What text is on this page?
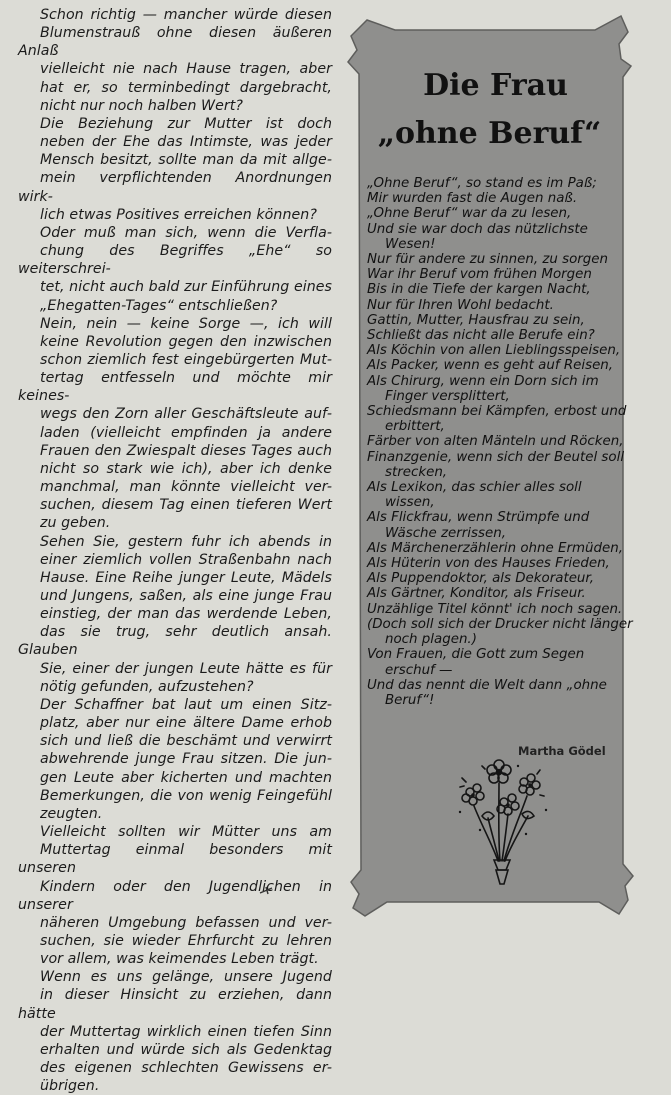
Schon richtig — mancher würde diesen
Blumenstrauß ohne diesen äußeren Anlaß
vielleicht nie nach Hause tragen, aber
hat er, so terminbedingt dargebracht,
nicht nur noch halben Wert?

Die Beziehung zur Mutter ist doch
neben der Ehe das Intimste, was jeder
Mensch besitzt, sollte man da mit allge-
mein verpflichtenden Anordnungen wirk-
lich etwas Positives erreichen können?

Oder muß man sich, wenn die Verfla-
chung des Begriffes „Ehe“ so weiterschrei-
tet, nicht auch bald zur Einführung eines
„Ehegatten-Tages“ entschließen?

Nein, nein — keine Sorge —, ich will
keine Revolution gegen den inzwischen
schon ziemlich fest eingebürgerten Mut-
tertag entfesseln und möchte mir keines-
wegs den Zorn aller Geschäftsleute auf-
laden (vielleicht empfinden ja andere
Frauen den Zwiespalt dieses Tages auch
nicht so stark wie ich), aber ich denke
manchmal, man könnte vielleicht ver-
suchen, diesem Tag einen tieferen Wert
zu geben.

Sehen Sie, gestern fuhr ich abends in
einer ziemlich vollen Straßenbahn nach
Hause. Eine Reihe junger Leute, Mädels
und Jungens, saßen, als eine junge Frau
einstieg, der man das werdende Leben,
das sie trug, sehr deutlich ansah. Glauben
Sie, einer der jungen Leute hätte es für
nötig gefunden, aufzustehen?

Der Schaffner bat laut um einen Sitz-
platz, aber nur eine ältere Dame erhob
sich und ließ die beschämt und verwirrt
abwehrende junge Frau sitzen. Die jun-
gen Leute aber kicherten und machten
Bemerkungen, die von wenig Feingefühl
zeugten.

Vielleicht sollten wir Mütter uns am
Muttertag einmal besonders mit unseren
Kindern oder den Jugendlichen in unserer
näheren Umgebung befassen und ver-
suchen, sie wieder Ehrfurcht zu lehren
vor allem, was keimendes Leben trägt.

Wenn es uns gelänge, unsere Jugend
in dieser Hinsicht zu erziehen, dann hätte
der Muttertag wirklich einen tiefen Sinn
erhalten und würde sich als Gedenktag
des eigenen schlechten Gewissens er-
übrigen.

Die Frau
„ohne Beruf“
„Ohne Beruf“, so stand es im Paß;
Mir wurden fast die Augen naß.
„Ohne Beruf“ war da zu lesen,
Und sie war doch das nützlichste
Wesen!
Nur für andere zu sinnen, zu sorgen
War ihr Beruf vom frühen Morgen
Bis in die Tiefe der kargen Nacht,
Nur für Ihren Wohl bedacht.
Gattin, Mutter, Hausfrau zu sein,
Schließt das nicht alle Berufe ein?
Als Köchin von allen Lieblingsspeisen,
Als Packer, wenn es geht auf Reisen,
Als Chirurg, wenn ein Dorn sich im
Finger versplittert,
Schiedsmann bei Kämpfen, erbost und
erbittert,
Färber von alten Mänteln und Röcken,
Finanzgenie, wenn sich der Beutel soll
strecken,
Als Lexikon, das schier alles soll
wissen,
Als Flickfrau, wenn Strümpfe und
Wäsche zerrissen,
Als Märchenerzählerin ohne Ermüden,
Als Hüterin von des Hauses Frieden,
Als Puppendoktor, als Dekorateur,
Als Gärtner, Konditor, als Friseur.
Unzählige Titel könnt' ich noch sagen.
(Doch soll sich der Drucker nicht länger
noch plagen.)
Von Frauen, die Gott zum Segen
erschuf —
Und das nennt die Welt dann „ohne
Beruf“!
Martha Gödel
